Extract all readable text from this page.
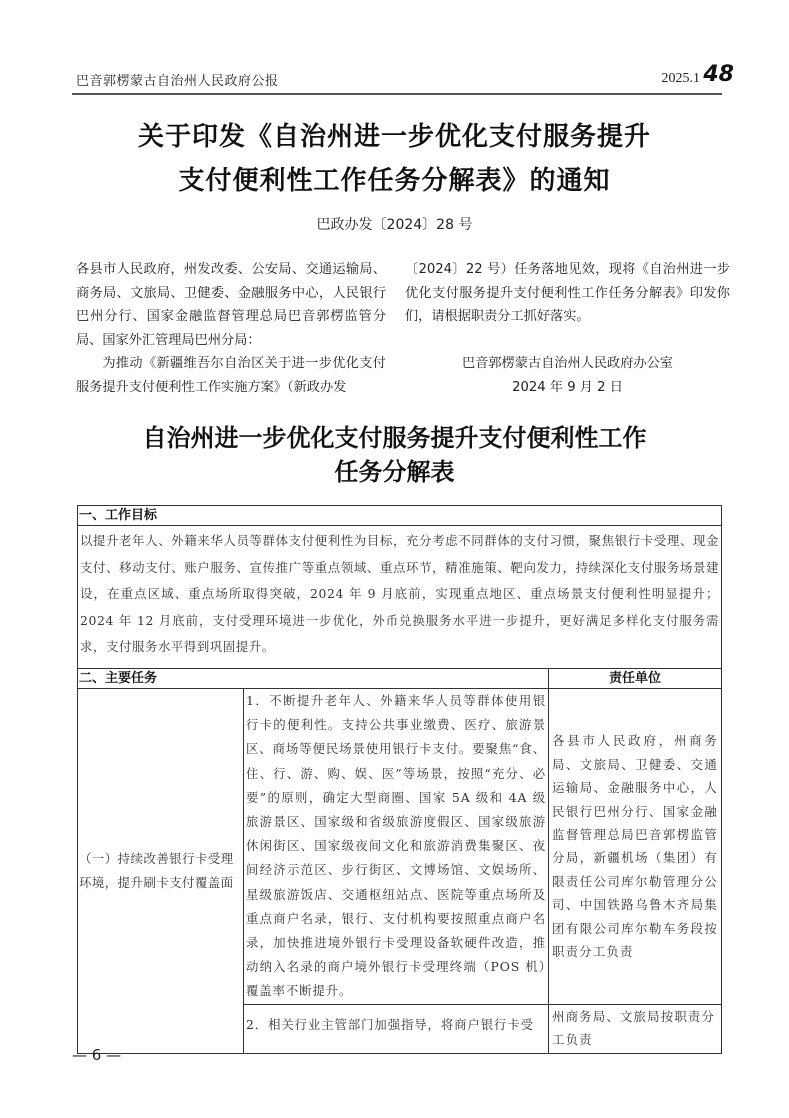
巴音郭楞蒙古自治州人民政府公报	2025.1 48
关于印发《自治州进一步优化支付服务提升
支付便利性工作任务分解表》的通知
巴政办发〔2024〕28 号
各县市人民政府，州发改委、公安局、交通运输局、商务局、文旅局、卫健委、金融服务中心，人民银行巴州分行、国家金融监督管理总局巴音郭楞监管分局、国家外汇管理局巴州分局：
为推动《新疆维吾尔自治区关于进一步优化支付服务提升支付便利性工作实施方案》（新政办发
〔2024〕22 号）任务落地见效，现将《自治州进一步优化支付服务提升支付便利性工作任务分解表》印发你们，请根据职责分工抓好落实。
巴音郭楞蒙古自治州人民政府办公室
2024 年 9 月 2 日
自治州进一步优化支付服务提升支付便利性工作
任务分解表
一、工作目标		
以提升老年人、外籍来华人员等群体支付便利性为目标，充分考虑不同群体的支付习惯，聚焦银行卡受理、现金支付、移动支付、账户服务、宣传推广等重点领域、重点环节，精准施策、靶向发力，持续深化支付服务场景建设，在重点区域、重点场所取得突破，2024 年 9 月底前，实现重点地区、重点场景支付便利性明显提升；2024 年 12 月底前，支付受理环境进一步优化，外币兑换服务水平进一步提升，更好满足多样化支付服务需求，支付服务水平得到巩固提升。		
二、主要任务		责任单位
（一）持续改善银行卡受理环境，提升刷卡支付覆盖面	1．不断提升老年人、外籍来华人员等群体使用银行卡的便利性。支持公共事业缴费、医疗、旅游景区、商场等便民场景使用银行卡支付。要聚焦“食、住、行、游、购、娱、医”等场景，按照“充分、必要”的原则，确定大型商圈、国家 5A 级和 4A 级旅游景区、国家级和省级旅游度假区、国家级旅游休闲街区、国家级夜间文化和旅游消费集聚区、夜间经济示范区、步行街区、文博场馆、文娱场所、星级旅游饭店、交通枢纽站点、医院等重点场所及重点商户名录，银行、支付机构要按照重点商户名录，加快推进境外银行卡受理设备软硬件改造，推动纳入名录的商户境外银行卡受理终端（POS 机）覆盖率不断提升。	各县市人民政府，州商务局、文旅局、卫健委、交通运输局、金融服务中心，人民银行巴州分行、国家金融监督管理总局巴音郭楞监管分局，新疆机场（集团）有限责任公司库尔勒管理分公司、中国铁路乌鲁木齐局集团有限公司库尔勒车务段按职责分工负责
	2．相关行业主管部门加强指导，将商户银行卡受	州商务局、文旅局按职责分工负责
— 6 —
